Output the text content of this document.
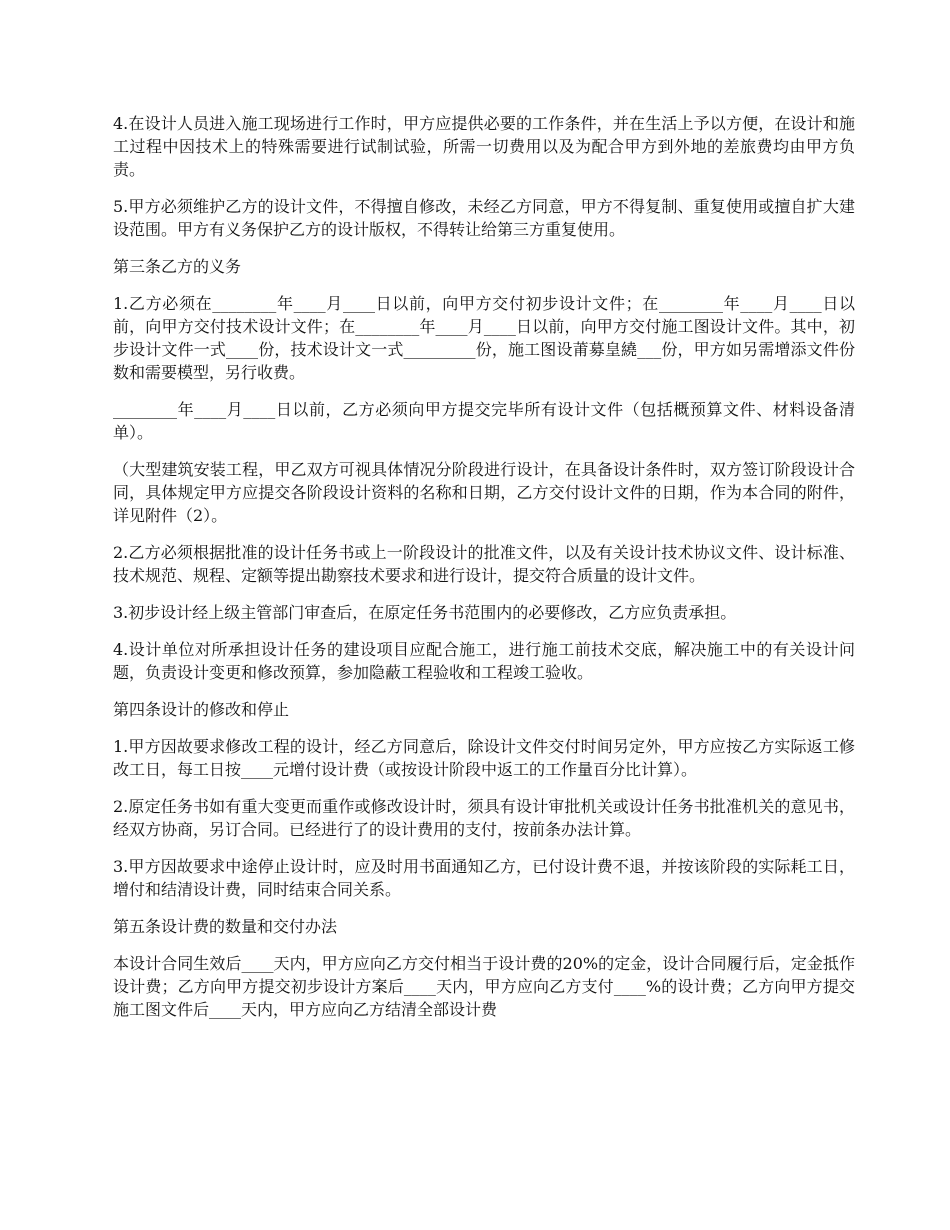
4.在设计人员进入施工现场进行工作时，甲方应提供必要的工作条件，并在生活上予以方便，在设计和施工过程中因技术上的特殊需要进行试制试验，所需一切费用以及为配合甲方到外地的差旅费均由甲方负责。

5.甲方必须维护乙方的设计文件，不得擅自修改，未经乙方同意，甲方不得复制、重复使用或擅自扩大建设范围。甲方有义务保护乙方的设计版权，不得转让给第三方重复使用。

第三条乙方的义务

1.乙方必须在________年____月____日以前，向甲方交付初步设计文件；在________年____月____日以前，向甲方交付技术设计文件；在________年____月____日以前，向甲方交付施工图设计文件。其中，初步设计文件一式____份，技术设计文一式_________份，施工图设莆募皇繞___份，甲方如另需增添文件份数和需要模型，另行收费。

________年____月____日以前，乙方必须向甲方提交完毕所有设计文件（包括概预算文件、材料设备清单）。

（大型建筑安装工程，甲乙双方可视具体情况分阶段进行设计，在具备设计条件时，双方签订阶段设计合同，具体规定甲方应提交各阶段设计资料的名称和日期，乙方交付设计文件的日期，作为本合同的附件，详见附件（2）。

2.乙方必须根据批准的设计任务书或上一阶段设计的批准文件，以及有关设计技术协议文件、设计标准、技术规范、规程、定额等提出勘察技术要求和进行设计，提交符合质量的设计文件。

3.初步设计经上级主管部门审查后，在原定任务书范围内的必要修改，乙方应负责承担。

4.设计单位对所承担设计任务的建设项目应配合施工，进行施工前技术交底，解决施工中的有关设计问题，负责设计变更和修改预算，参加隐蔽工程验收和工程竣工验收。

第四条设计的修改和停止

1.甲方因故要求修改工程的设计，经乙方同意后，除设计文件交付时间另定外，甲方应按乙方实际返工修改工日，每工日按____元增付设计费（或按设计阶段中返工的工作量百分比计算）。

2.原定任务书如有重大变更而重作或修改设计时，须具有设计审批机关或设计任务书批准机关的意见书，经双方协商，另订合同。已经进行了的设计费用的支付，按前条办法计算。

3.甲方因故要求中途停止设计时，应及时用书面通知乙方，已付设计费不退，并按该阶段的实际耗工日，增付和结清设计费，同时结束合同关系。

第五条设计费的数量和交付办法

本设计合同生效后____天内，甲方应向乙方交付相当于设计费的20%的定金，设计合同履行后，定金抵作设计费；乙方向甲方提交初步设计方案后____天内，甲方应向乙方支付____%的设计费；乙方向甲方提交施工图文件后____天内，甲方应向乙方结清全部设计费
